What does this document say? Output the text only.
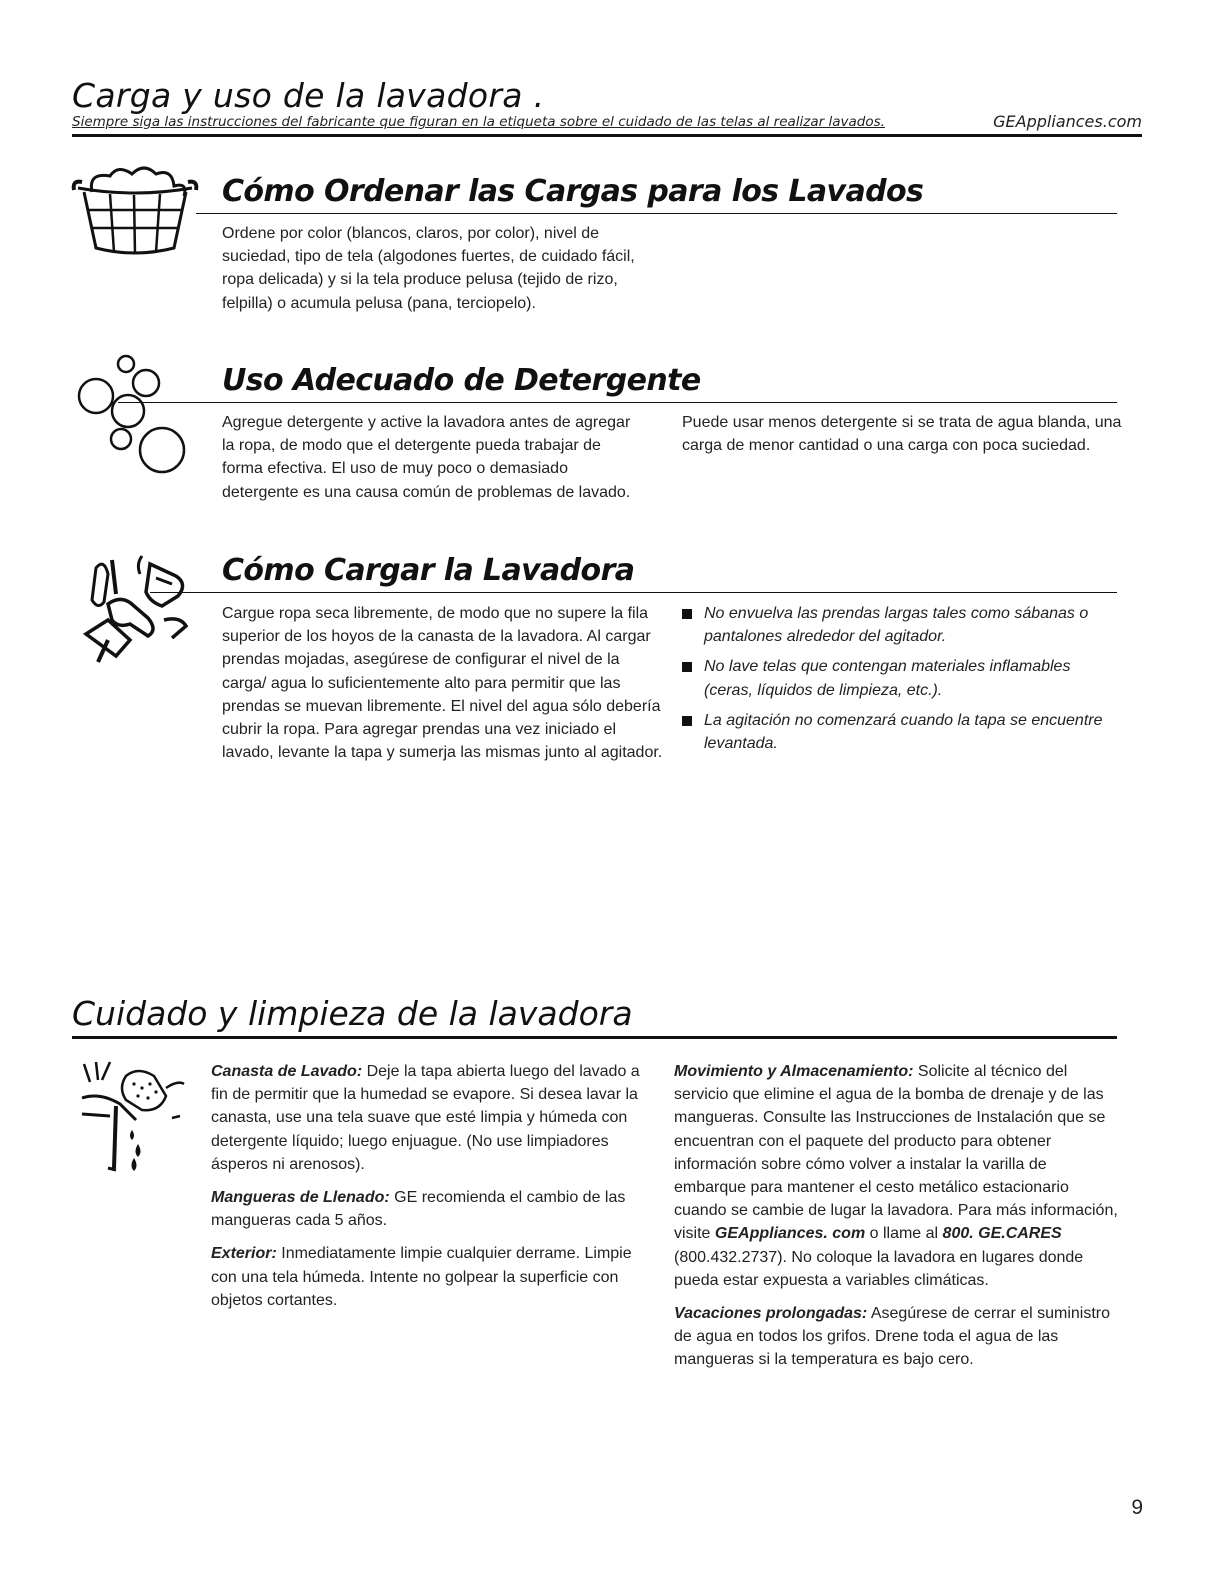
Carga y uso de la lavadora .
Siempre siga las instrucciones del fabricante que figuran en la etiqueta sobre el cuidado de las telas al realizar lavados.	GEAppliances.com
Cómo Ordenar las Cargas para los Lavados

Ordene por color (blancos, claros, por color), nivel de suciedad, tipo de tela (algodones fuertes, de cuidado fácil, ropa delicada) y si la tela produce pelusa (tejido de rizo, felpilla) o acumula pelusa (pana, terciopelo).

Uso Adecuado de Detergente

Agregue detergente y active la lavadora antes de agregar la ropa, de modo que el detergente pueda trabajar de forma efectiva. El uso de muy poco o demasiado detergente es una causa común de problemas de lavado.

Puede usar menos detergente si se trata de agua blanda, una carga de menor cantidad o una carga con poca suciedad.

Cómo Cargar la Lavadora

Cargue ropa seca libremente, de modo que no supere la fila superior de los hoyos de la canasta de la lavadora. Al cargar prendas mojadas, asegúrese de configurar el nivel de la carga/ agua lo suficientemente alto para permitir que las prendas se muevan libremente. El nivel del agua sólo debería cubrir la ropa. Para agregar prendas una vez iniciado el lavado, levante la tapa y sumerja las mismas junto al agitador.

No envuelva las prendas largas tales como sábanas o pantalones alrededor del agitador.
No lave telas que contengan materiales inflamables (ceras, líquidos de limpieza, etc.).
La agitación no comenzará cuando la tapa se encuentre levantada.
Cuidado y limpieza de la lavadora

Canasta de Lavado: Deje la tapa abierta luego del lavado a fin de permitir que la humedad se evapore. Si desea lavar la canasta, use una tela suave que esté limpia y húmeda con detergente líquido; luego enjuague. (No use limpiadores ásperos ni arenosos).

Mangueras de Llenado: GE recomienda el cambio de las mangueras cada 5 años.

Exterior: Inmediatamente limpie cualquier derrame. Limpie con una tela húmeda. Intente no golpear la superficie con objetos cortantes.

Movimiento y Almacenamiento: Solicite al técnico del servicio que elimine el agua de la bomba de drenaje y de las mangueras. Consulte las Instrucciones de Instalación que se encuentran con el paquete del producto para obtener información sobre cómo volver a instalar la varilla de embarque para mantener el cesto metálico estacionario cuando se cambie de lugar la lavadora. Para más información, visite GEAppliances. com o llame al 800. GE.CARES (800.432.2737). No coloque la lavadora en lugares donde pueda estar expuesta a variables climáticas.

Vacaciones prolongadas: Asegúrese de cerrar el suministro de agua en todos los grifos. Drene toda el agua de las mangueras si la temperatura es bajo cero.

9
